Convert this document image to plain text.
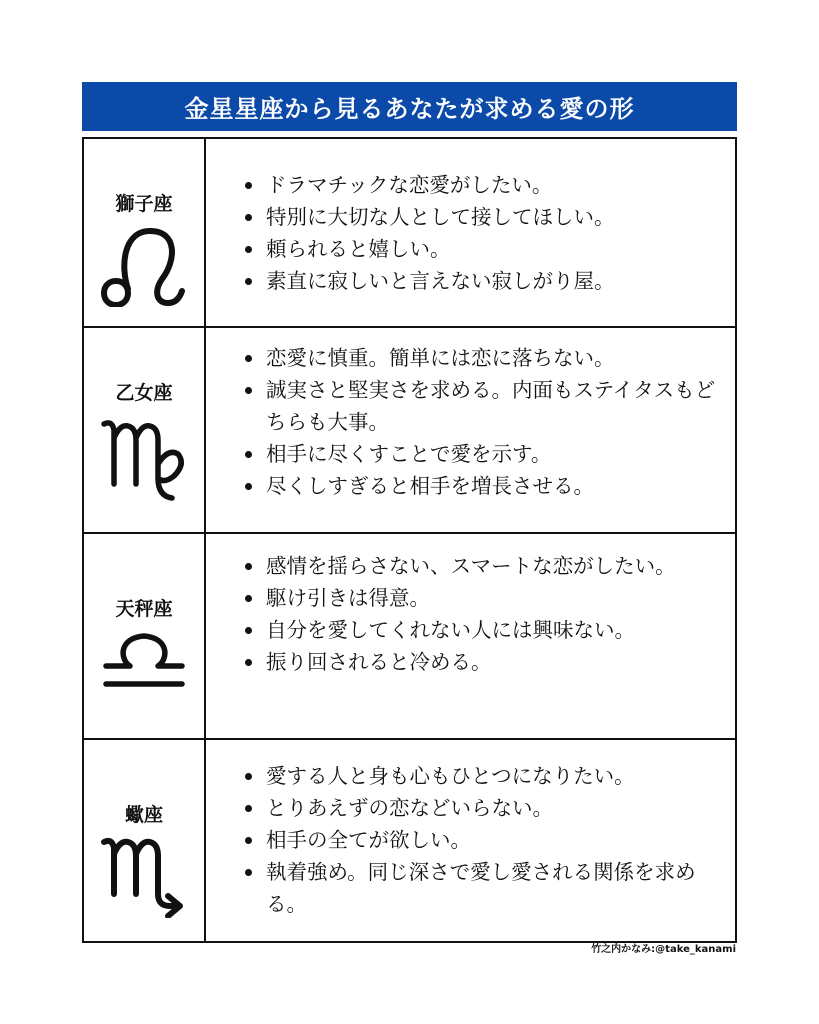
金星星座から見るあなたが求める愛の形
獅子座
ドラマチックな恋愛がしたい。
特別に大切な人として接してほしい。
頼られると嬉しい。
素直に寂しいと言えない寂しがり屋。
乙女座
恋愛に慎重。簡単には恋に落ちない。
誠実さと堅実さを求める。内面もステイタスもどちらも大事。
相手に尽くすことで愛を示す。
尽くしすぎると相手を増長させる。
天秤座
感情を揺らさない、スマートな恋がしたい。
駆け引きは得意。
自分を愛してくれない人には興味ない。
振り回されると冷める。
蠍座
愛する人と身も心もひとつになりたい。
とりあえずの恋などいらない。
相手の全てが欲しい。
執着強め。同じ深さで愛し愛される関係を求める。
竹之内かなみ:@take_kanami
